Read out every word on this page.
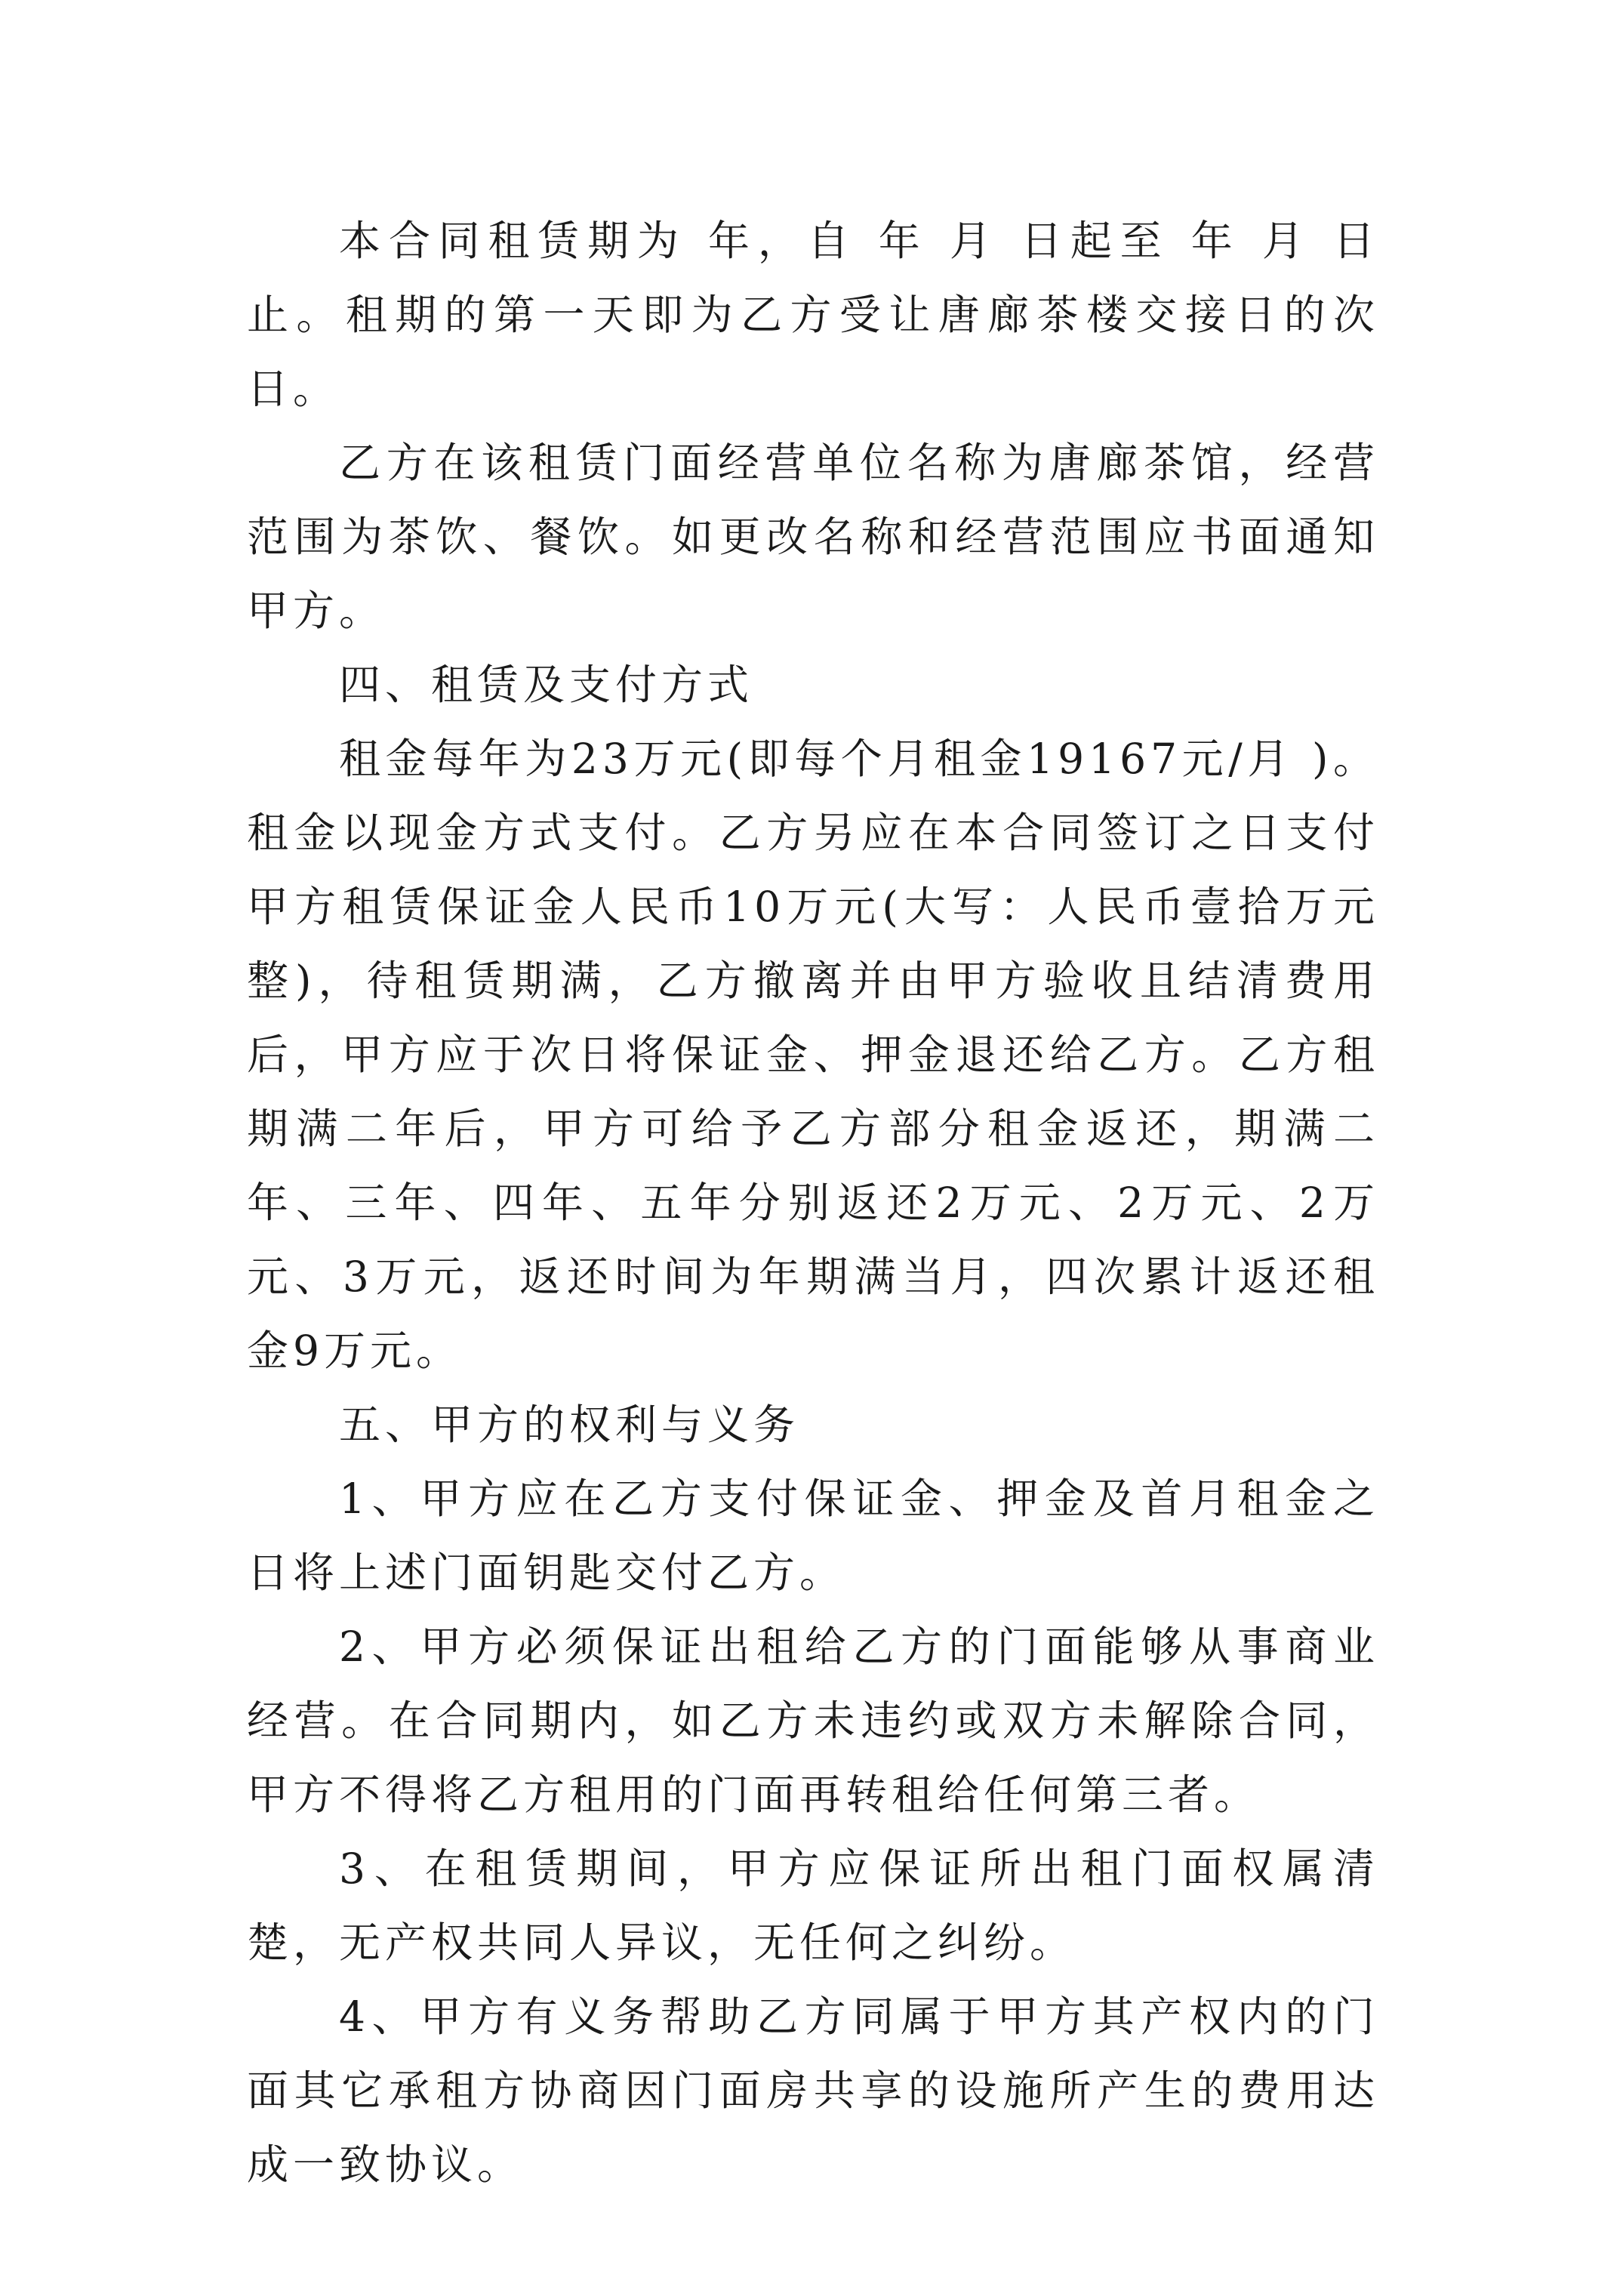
本合同租赁期为 年，自 年 月 日起至 年 月 日止。租期的第一天即为乙方受让唐廊茶楼交接日的次日。

乙方在该租赁门面经营单位名称为唐廊茶馆，经营范围为茶饮、餐饮。如更改名称和经营范围应书面通知甲方。

四、租赁及支付方式

租金每年为23万元(即每个月租金19167元/月 )。租金以现金方式支付。乙方另应在本合同签订之日支付甲方租赁保证金人民币10万元(大写：人民币壹拾万元整)，待租赁期满，乙方撤离并由甲方验收且结清费用后，甲方应于次日将保证金、押金退还给乙方。乙方租期满二年后，甲方可给予乙方部分租金返还，期满二年、三年、四年、五年分别返还2万元、2万元、2万元、3万元，返还时间为年期满当月，四次累计返还租金9万元。

五、甲方的权利与义务

1、甲方应在乙方支付保证金、押金及首月租金之日将上述门面钥匙交付乙方。

2、甲方必须保证出租给乙方的门面能够从事商业经营。在合同期内，如乙方未违约或双方未解除合同，甲方不得将乙方租用的门面再转租给任何第三者。

3、在租赁期间，甲方应保证所出租门面权属清楚，无产权共同人异议，无任何之纠纷。

4、甲方有义务帮助乙方同属于甲方其产权内的门面其它承租方协商因门面房共享的设施所产生的费用达成一致协议。
